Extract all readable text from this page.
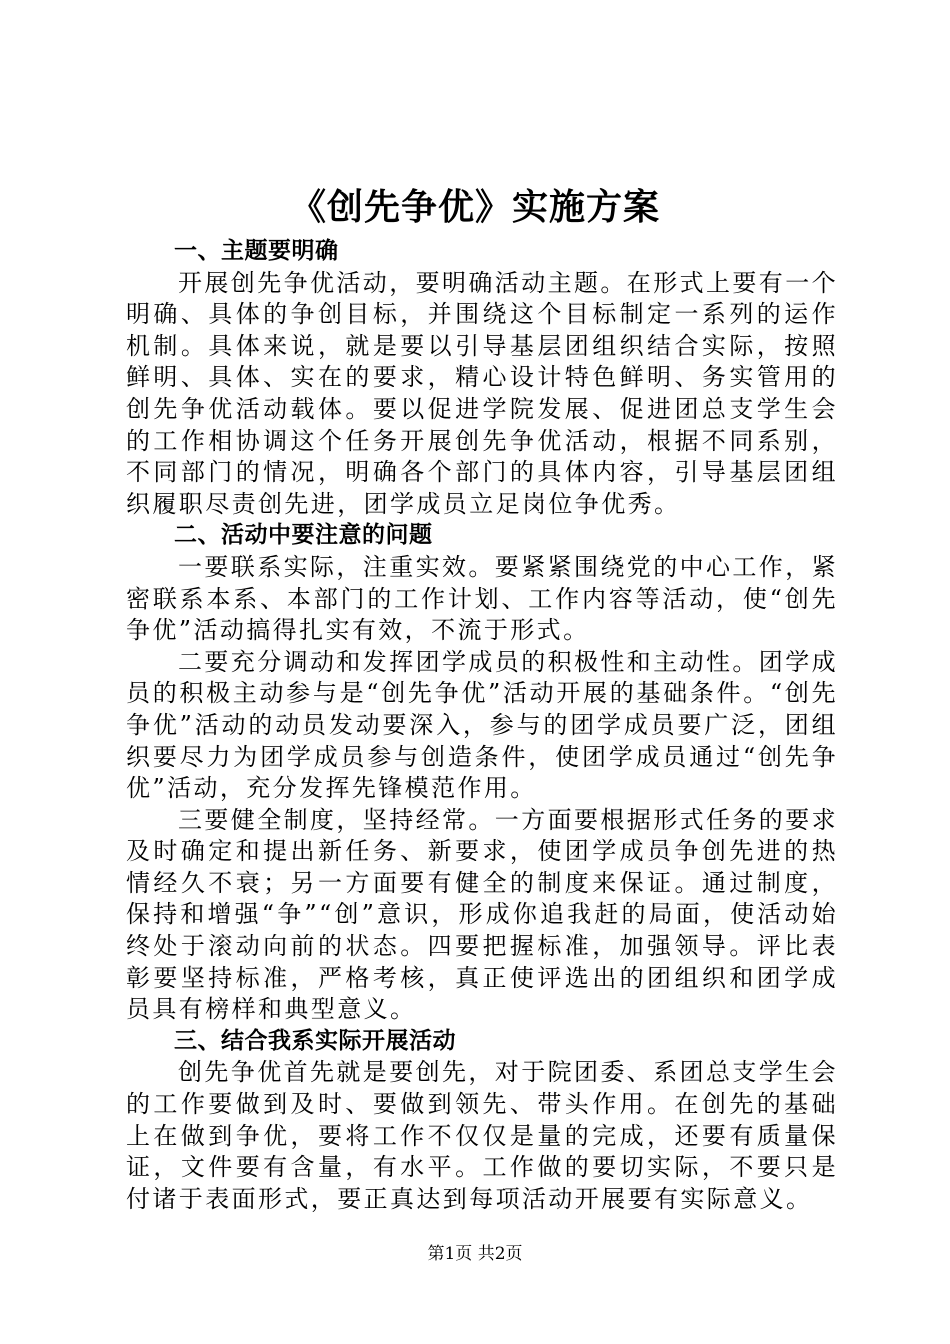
《创先争优》实施方案

一、主题要明确

开展创先争优活动，要明确活动主题。在形式上要有一个明确、具体的争创目标，并围绕这个目标制定一系列的运作机制。具体来说，就是要以引导基层团组织结合实际，按照鲜明、具体、实在的要求，精心设计特色鲜明、务实管用的创先争优活动载体。要以促进学院发展、促进团总支学生会的工作相协调这个任务开展创先争优活动，根据不同系别，不同部门的情况，明确各个部门的具体内容，引导基层团组织履职尽责创先进，团学成员立足岗位争优秀。

二、活动中要注意的问题

一要联系实际，注重实效。要紧紧围绕党的中心工作，紧密联系本系、本部门的工作计划、工作内容等活动，使“创先争优”活动搞得扎实有效，不流于形式。

二要充分调动和发挥团学成员的积极性和主动性。团学成员的积极主动参与是“创先争优”活动开展的基础条件。“创先争优”活动的动员发动要深入，参与的团学成员要广泛，团组织要尽力为团学成员参与创造条件，使团学成员通过“创先争优”活动，充分发挥先锋模范作用。

三要健全制度，坚持经常。一方面要根据形式任务的要求及时确定和提出新任务、新要求，使团学成员争创先进的热情经久不衰；另一方面要有健全的制度来保证。通过制度，保持和增强“争”“创”意识，形成你追我赶的局面，使活动始终处于滚动向前的状态。四要把握标准，加强领导。评比表彰要坚持标准，严格考核，真正使评选出的团组织和团学成员具有榜样和典型意义。

三、结合我系实际开展活动

创先争优首先就是要创先，对于院团委、系团总支学生会的工作要做到及时、要做到领先、带头作用。在创先的基础上在做到争优，要将工作不仅仅是量的完成，还要有质量保证，文件要有含量，有水平。工作做的要切实际，不要只是付诸于表面形式，要正真达到每项活动开展要有实际意义。

第1页 共2页
